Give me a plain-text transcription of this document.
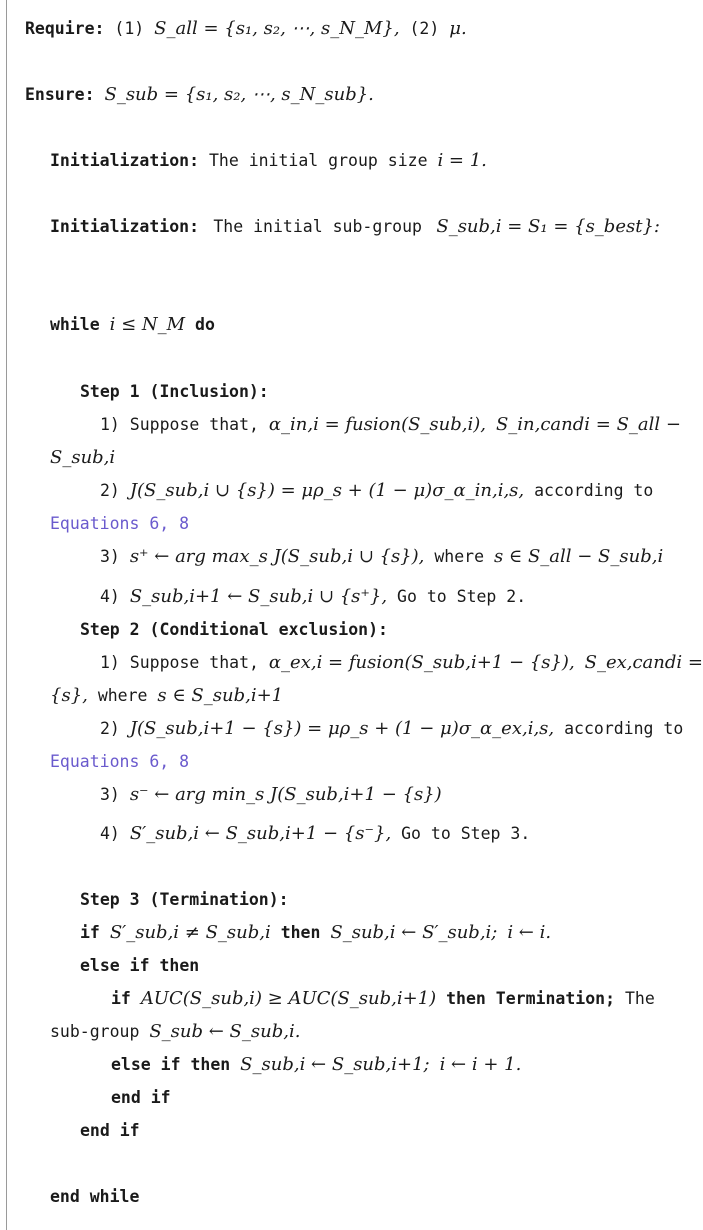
Require: (1) S_all = {s₁, s₂, ⋯, s_N_M}, (2) μ.
Ensure: S_sub = {s₁, s₂, ⋯, s_N_sub}.
Initialization: The initial group size i = 1.
Initialization: The initial sub-group S_sub,i = S₁ = {s_best}:
while i ≤ N_M do
Step 1 (Inclusion):
1) Suppose that, α_in,i = fusion(S_sub,i), S_in,candi = S_all −
S_sub,i
2) J(S_sub,i ∪ {s}) = μρ_s + (1 − μ)σ_α_in,i,s, according to
Equations 6, 8
3) s⁺ ← arg max_s J(S_sub,i ∪ {s}), where s ∈ S_all − S_sub,i
4) S_sub,i+1 ← S_sub,i ∪ {s⁺}, Go to Step 2.
Step 2 (Conditional exclusion):
1) Suppose that, α_ex,i = fusion(S_sub,i+1 − {s}), S_ex,candi =
{s}, where s ∈ S_sub,i+1
2) J(S_sub,i+1 − {s}) = μρ_s + (1 − μ)σ_α_ex,i,s, according to
Equations 6, 8
3) s⁻ ← arg min_s J(S_sub,i+1 − {s})
4) S′_sub,i ← S_sub,i+1 − {s⁻}, Go to Step 3.
Step 3 (Termination):
if S′_sub,i ≠ S_sub,i then S_sub,i ← S′_sub,i; i ← i.
else if then
if AUC(S_sub,i) ≥ AUC(S_sub,i+1) then Termination; The
sub-group S_sub ← S_sub,i.
else if then S_sub,i ← S_sub,i+1; i ← i + 1.
end if
end if
end while
